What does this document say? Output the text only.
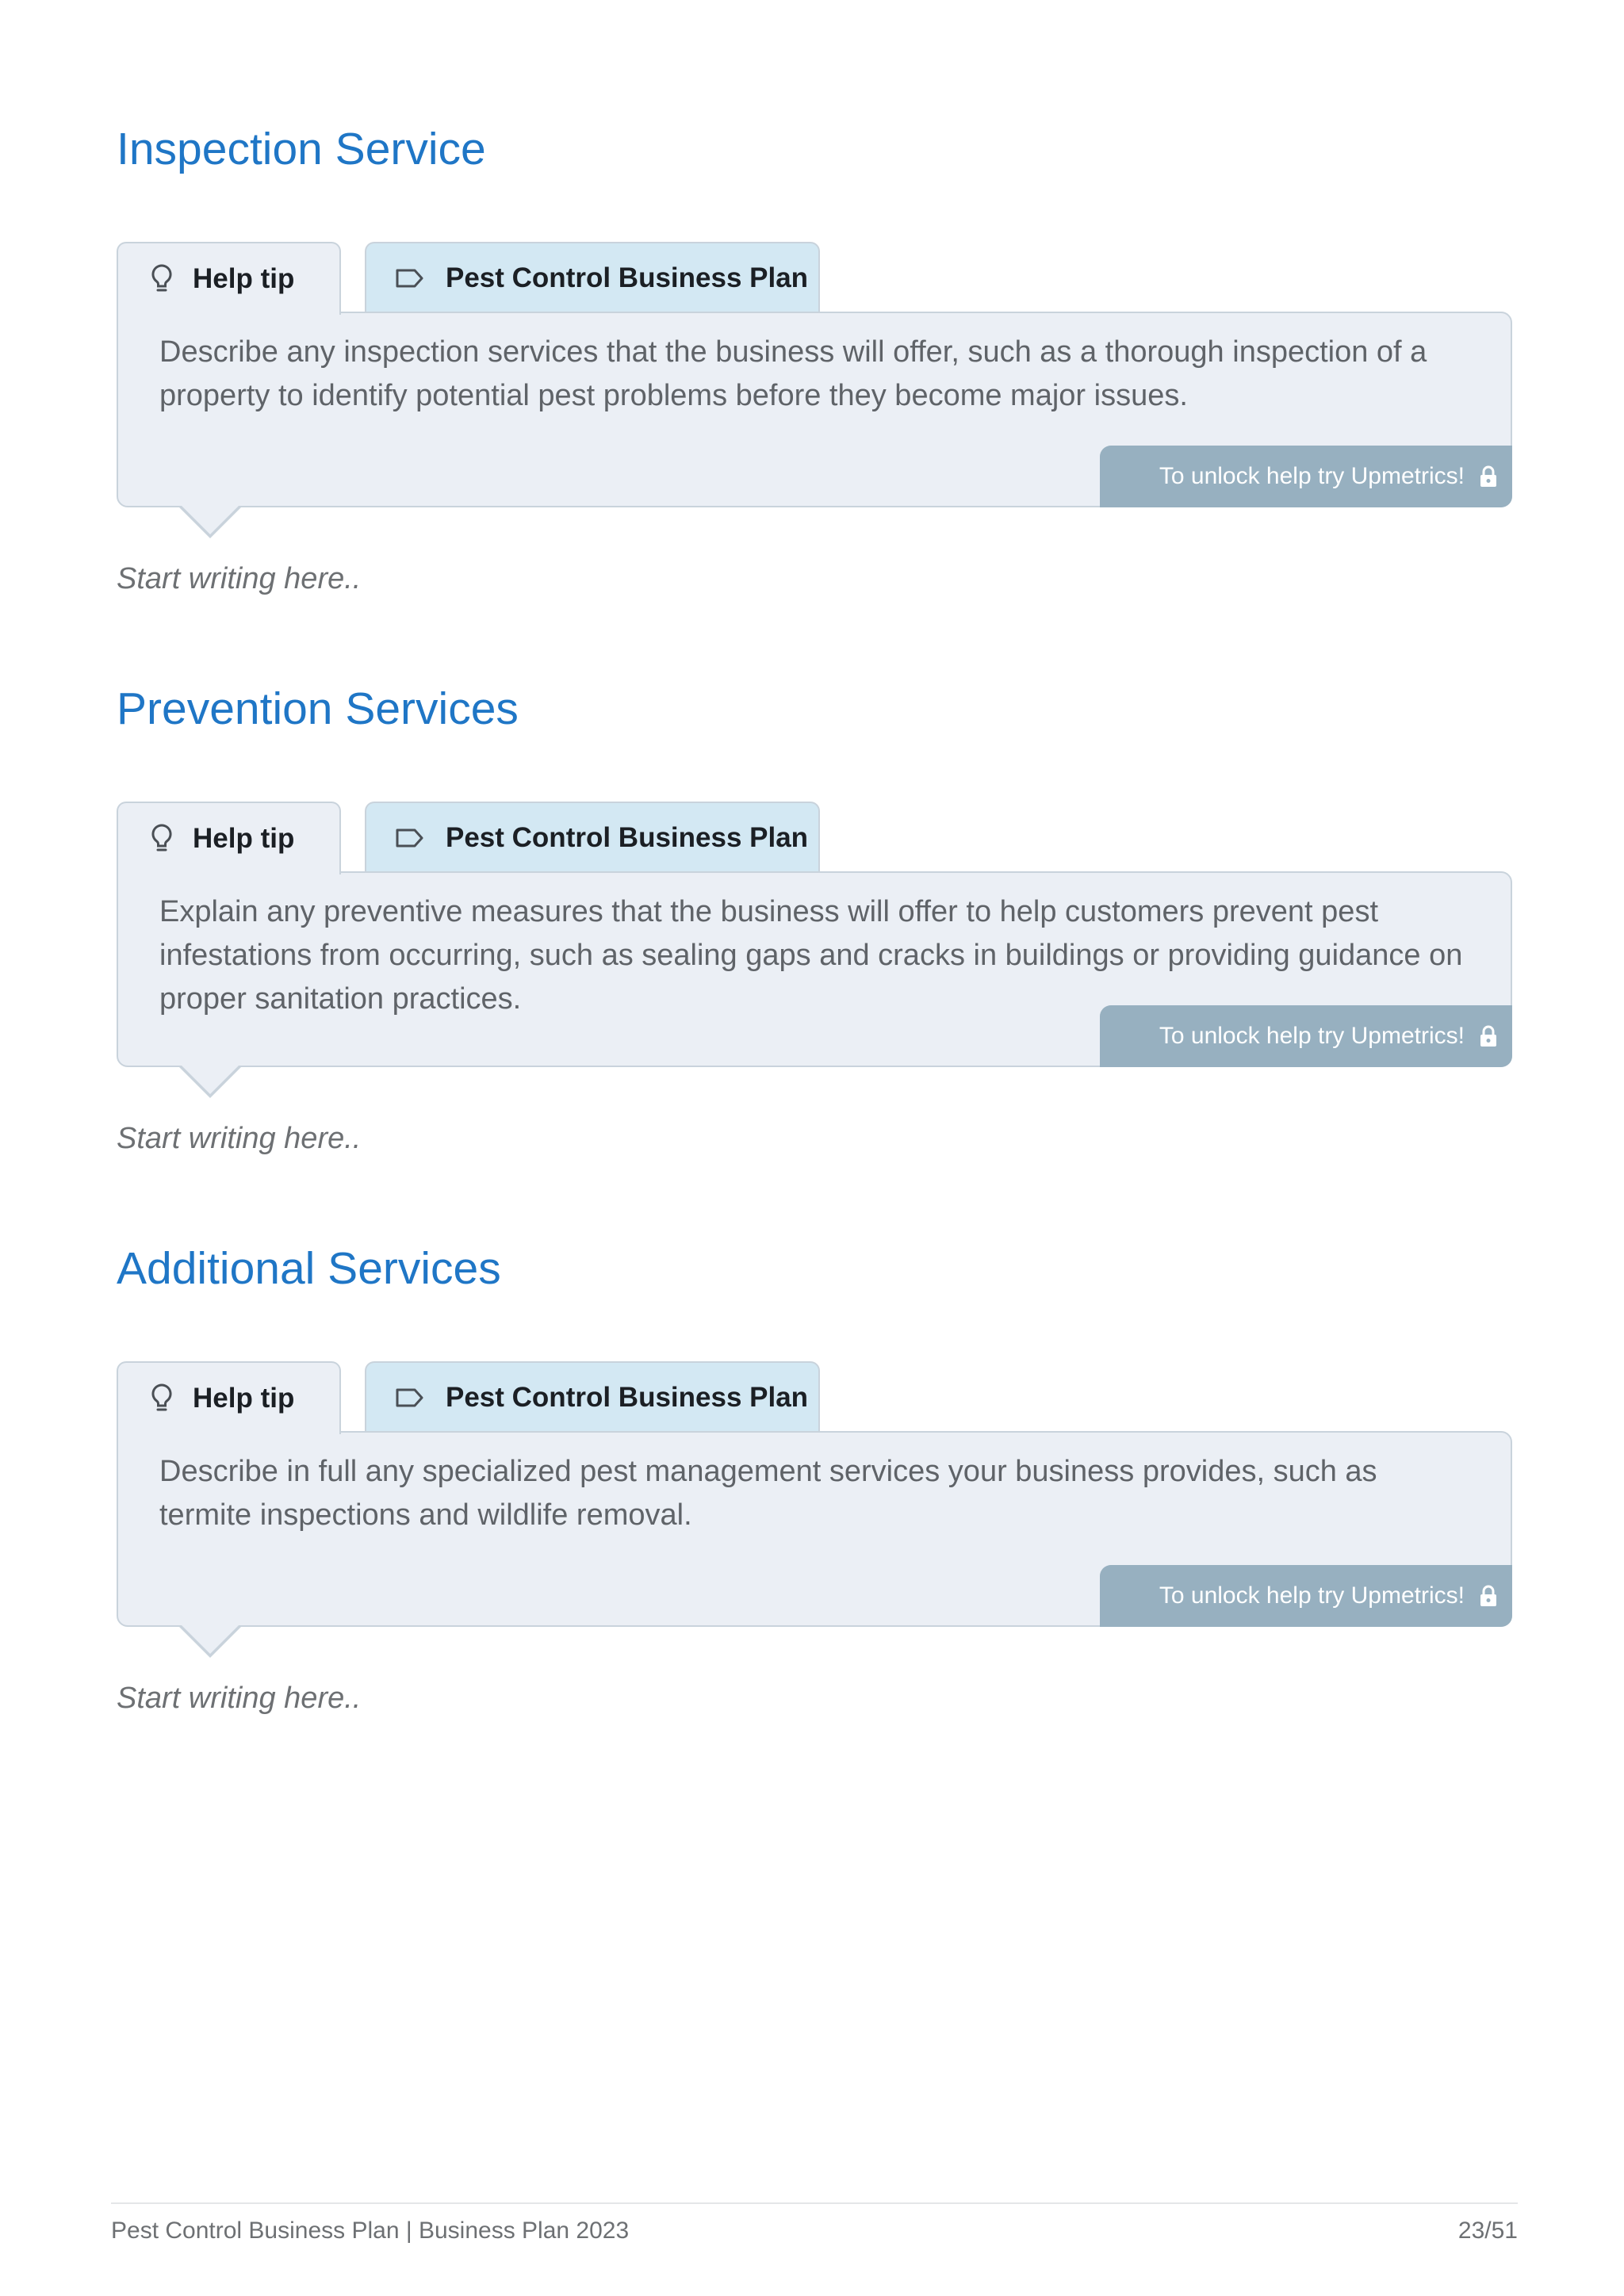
Inspection Service
Help tip	Pest Control Business Plan

Describe any inspection services that the business will offer, such as a thorough inspection of a property to identify potential pest problems before they become major issues.

To unlock help try Upmetrics!

Start writing here..

Prevention Services
Help tip	Pest Control Business Plan

Explain any preventive measures that the business will offer to help customers prevent pest infestations from occurring, such as sealing gaps and cracks in buildings or providing guidance on proper sanitation practices.

To unlock help try Upmetrics!

Start writing here..

Additional Services
Help tip	Pest Control Business Plan

Describe in full any specialized pest management services your business provides, such as termite inspections and wildlife removal.

To unlock help try Upmetrics!

Start writing here..

Pest Control Business Plan | Business Plan 2023	23/51
